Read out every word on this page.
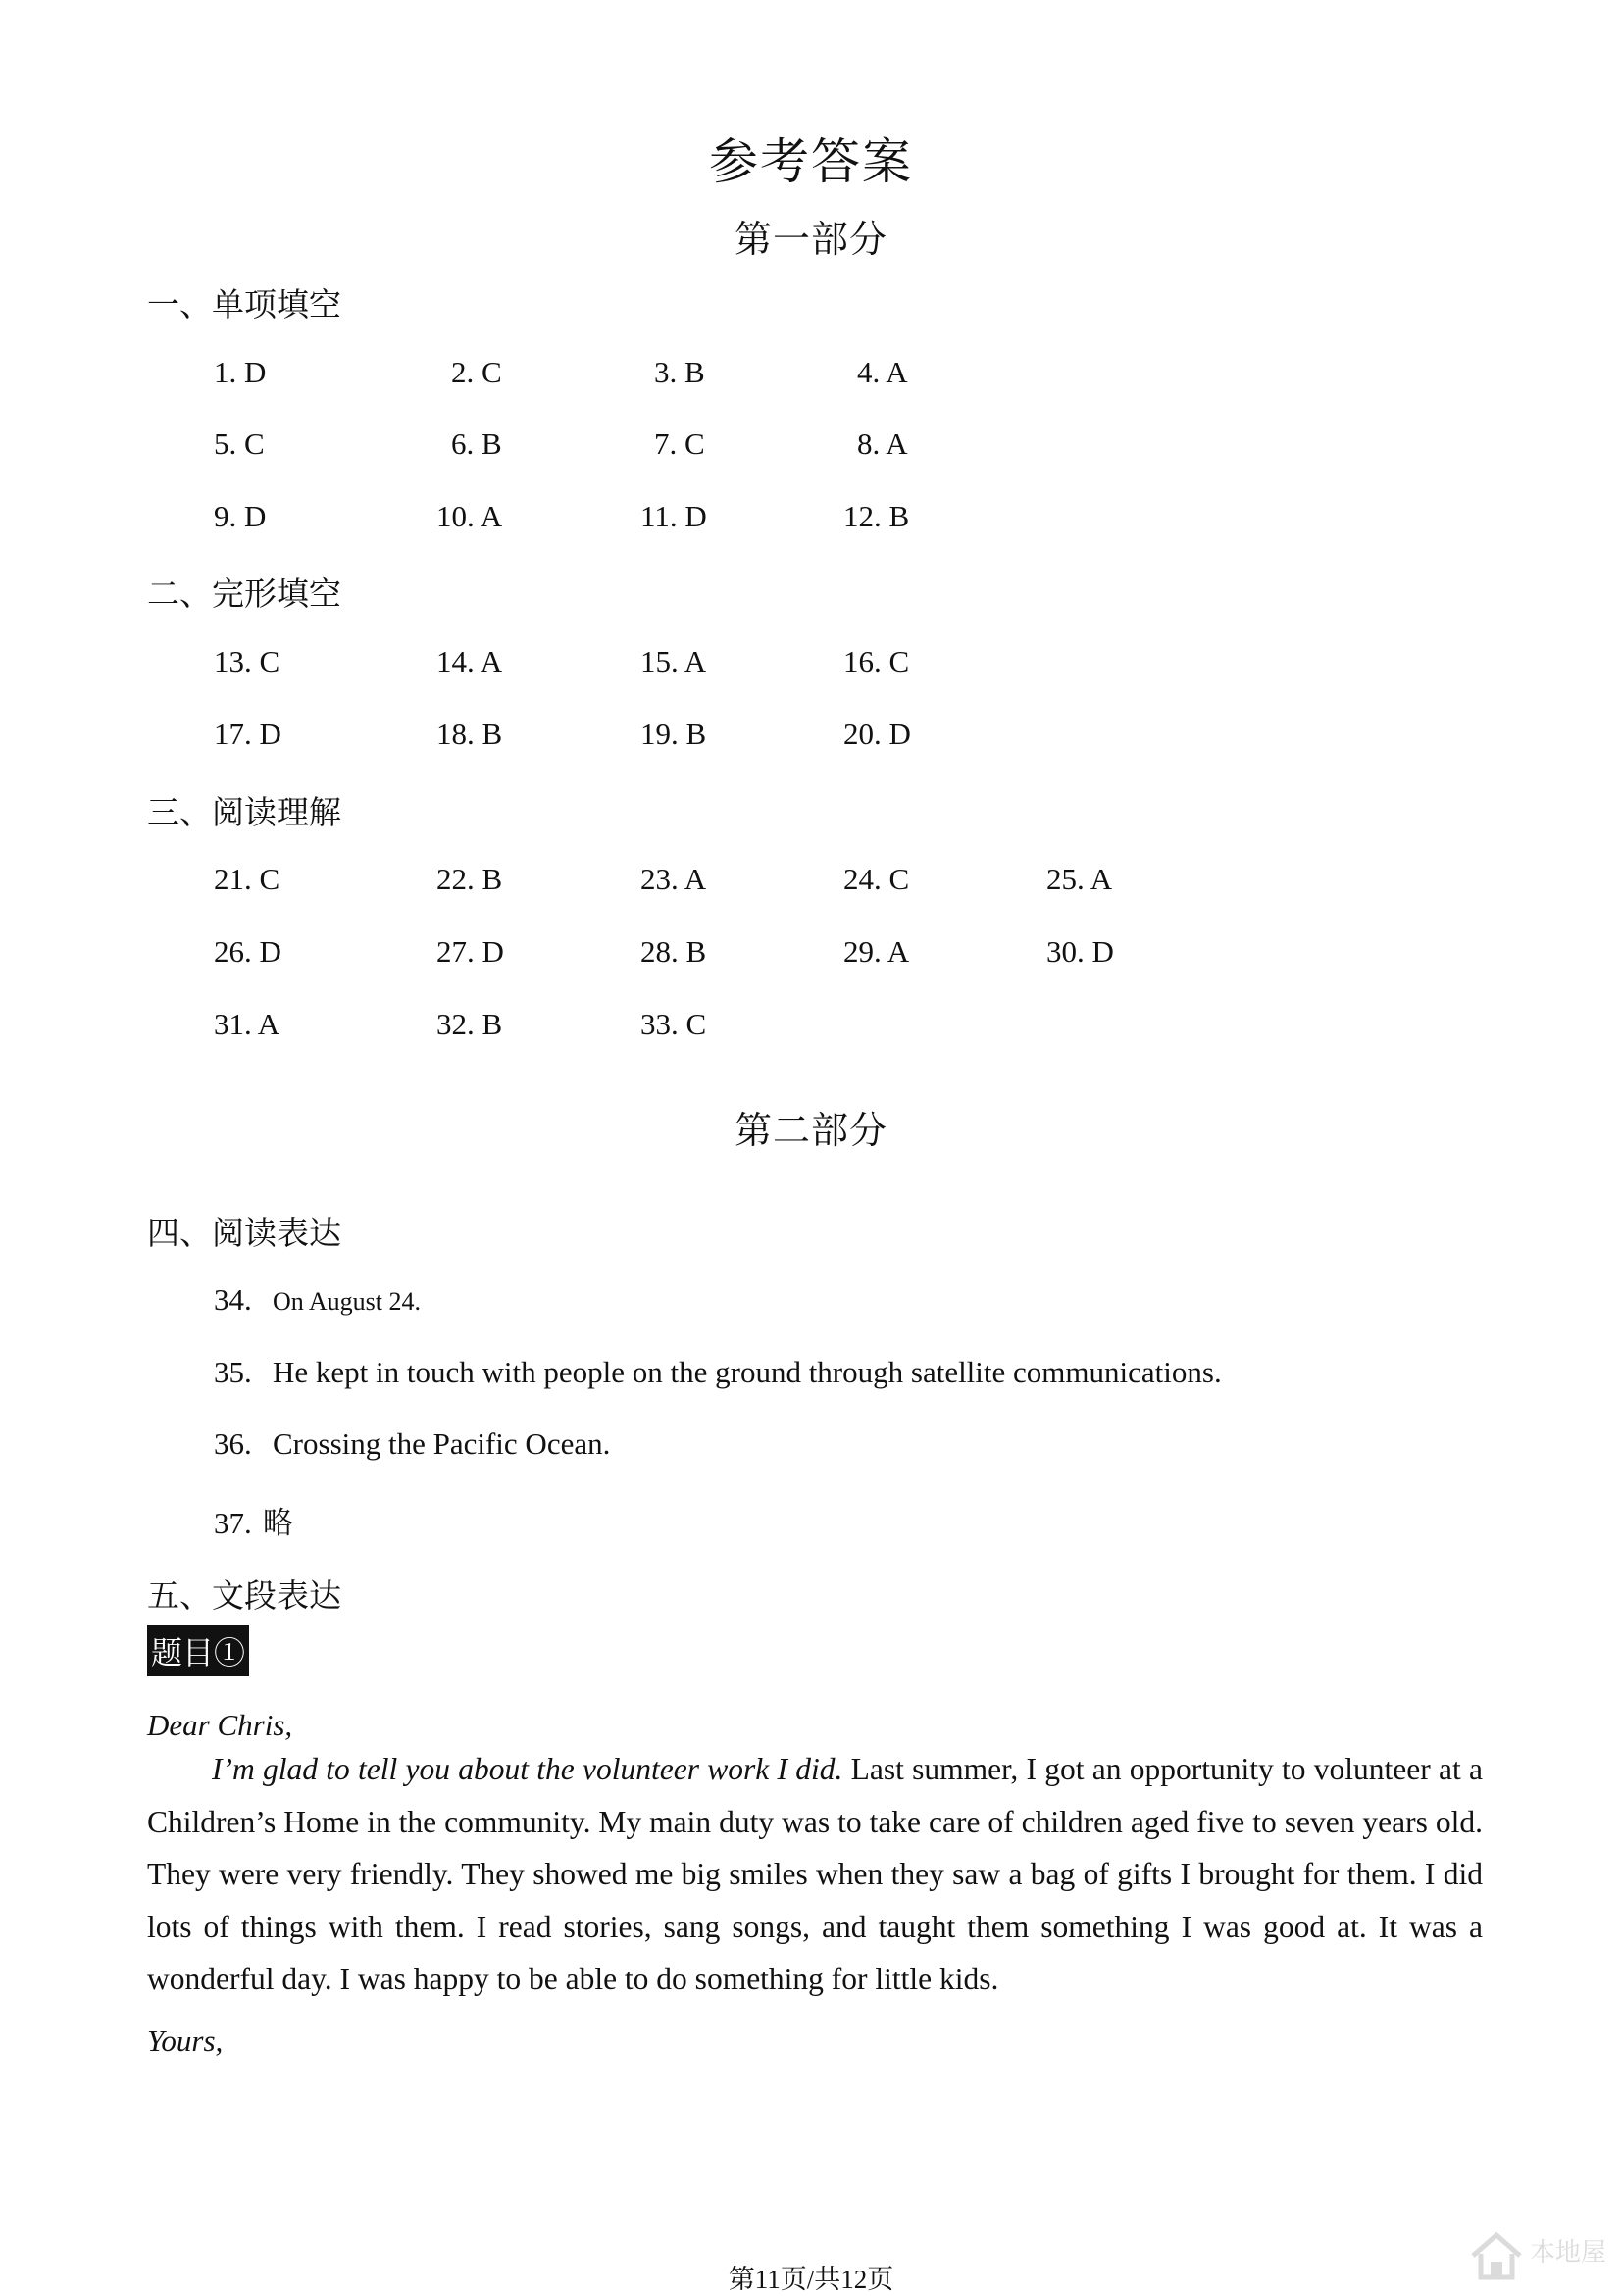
参考答案
第一部分
一、单项填空
1. D	2. C	3. B	4. A
5. C	6. B	7. C	8. A
9. D	10. A	11. D	12. B
二、完形填空
13. C	14. A	15. A	16. C
17. D	18. B	19. B	20. D
三、阅读理解
21. C	22. B	23. A	24. C	25. A
26. D	27. D	28. B	29. A	30. D
31. A	32. B	33. C
第二部分
四、阅读表达
34. On August 24.
35. He kept in touch with people on the ground through satellite communications.
36. Crossing the Pacific Ocean.
37. 略
五、文段表达
题目①
Dear Chris,
I’m glad to tell you about the volunteer work I did. Last summer, I got an opportunity to volunteer at a Children’s Home in the community. My main duty was to take care of children aged five to seven years old. They were very friendly. They showed me big smiles when they saw a bag of gifts I brought for them. I did lots of things with them. I read stories, sang songs, and taught them something I was good at. It was a wonderful day. I was happy to be able to do something for little kids.
Yours,
第11页/共12页
本地屋
